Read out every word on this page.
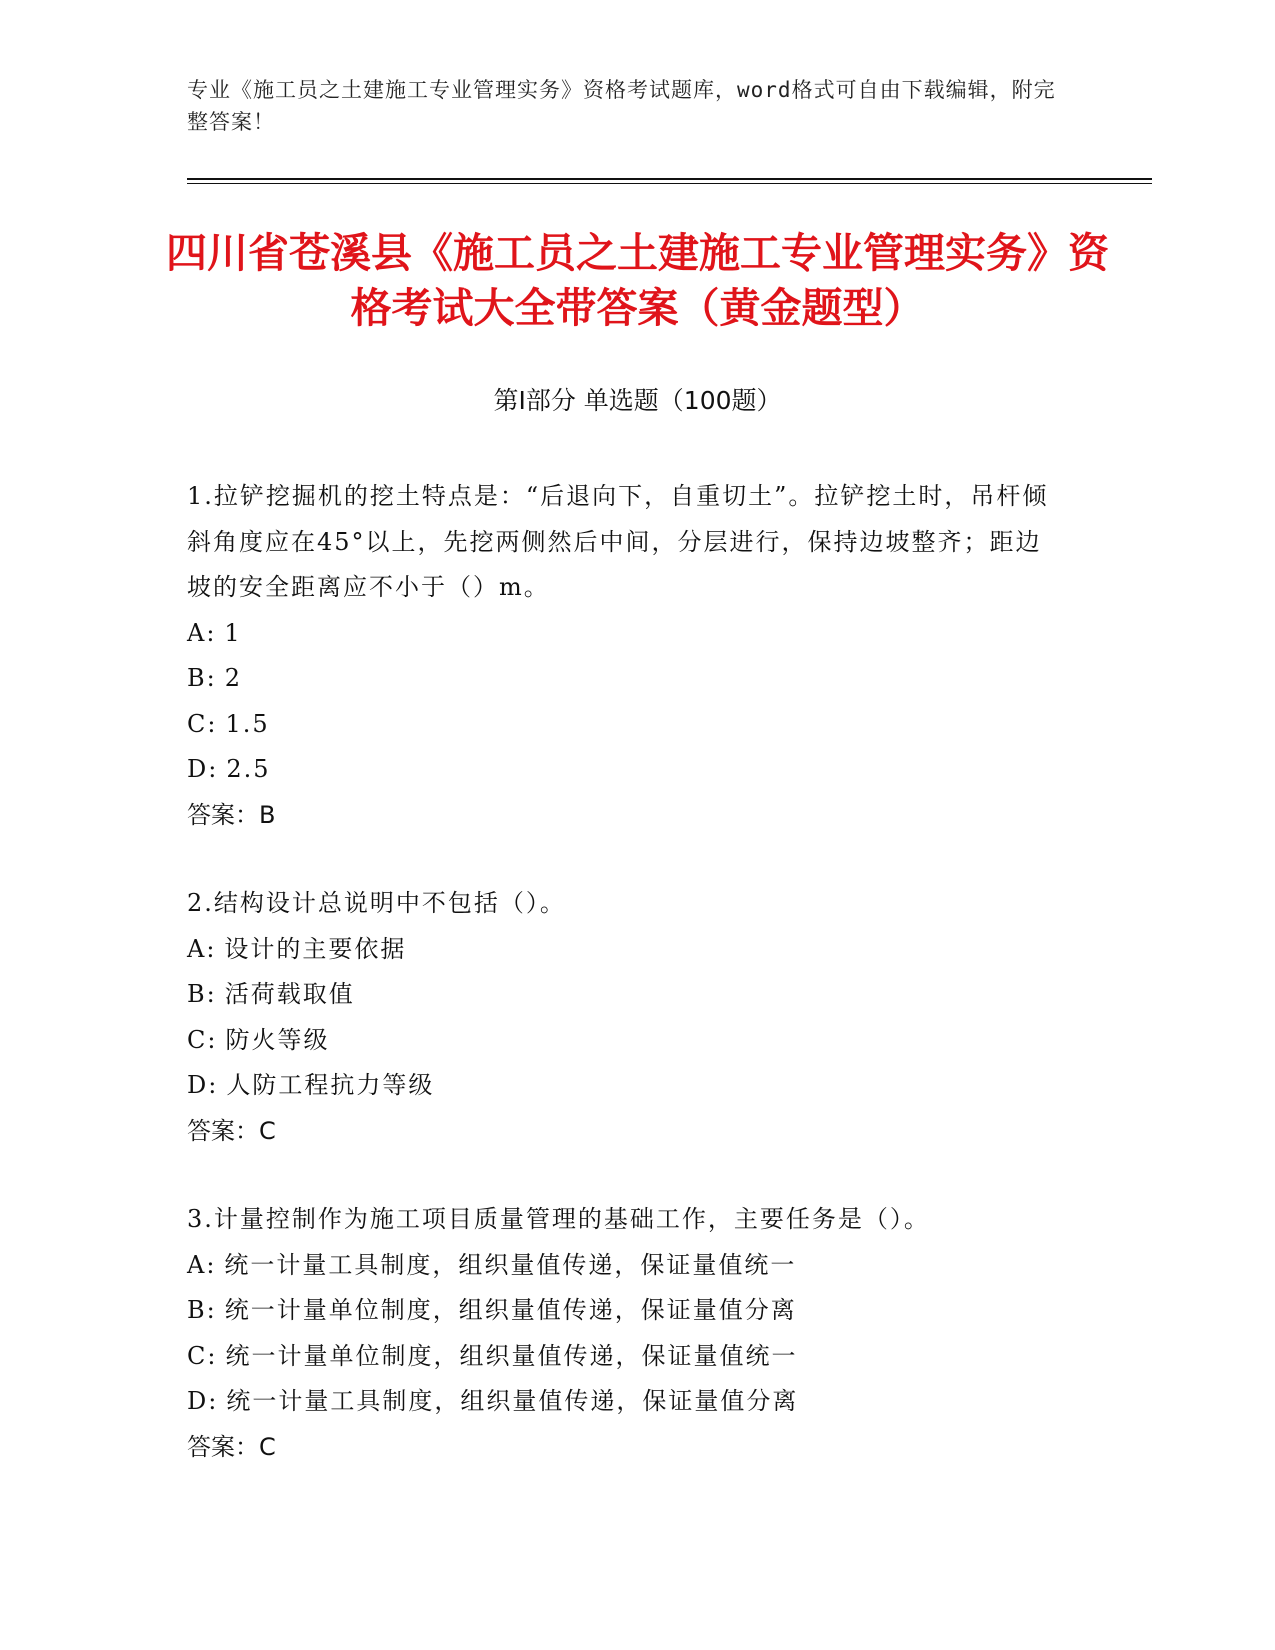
专业《施工员之土建施工专业管理实务》资格考试题库，word格式可自由下载编辑，附完整答案！
四川省苍溪县《施工员之土建施工专业管理实务》资格考试大全带答案（黄金题型）
第Ⅰ部分 单选题（100题）
1.拉铲挖掘机的挖土特点是：“后退向下，自重切土”。拉铲挖土时，吊杆倾斜角度应在45°以上，先挖两侧然后中间，分层进行，保持边坡整齐；距边坡的安全距离应不小于（）m。
A: 1
B: 2
C: 1.5
D: 2.5
答案：B
2.结构设计总说明中不包括（）。
A: 设计的主要依据
B: 活荷载取值
C: 防火等级
D: 人防工程抗力等级
答案：C
3.计量控制作为施工项目质量管理的基础工作，主要任务是（）。
A: 统一计量工具制度，组织量值传递，保证量值统一
B: 统一计量单位制度，组织量值传递，保证量值分离
C: 统一计量单位制度，组织量值传递，保证量值统一
D: 统一计量工具制度，组织量值传递，保证量值分离
答案：C
